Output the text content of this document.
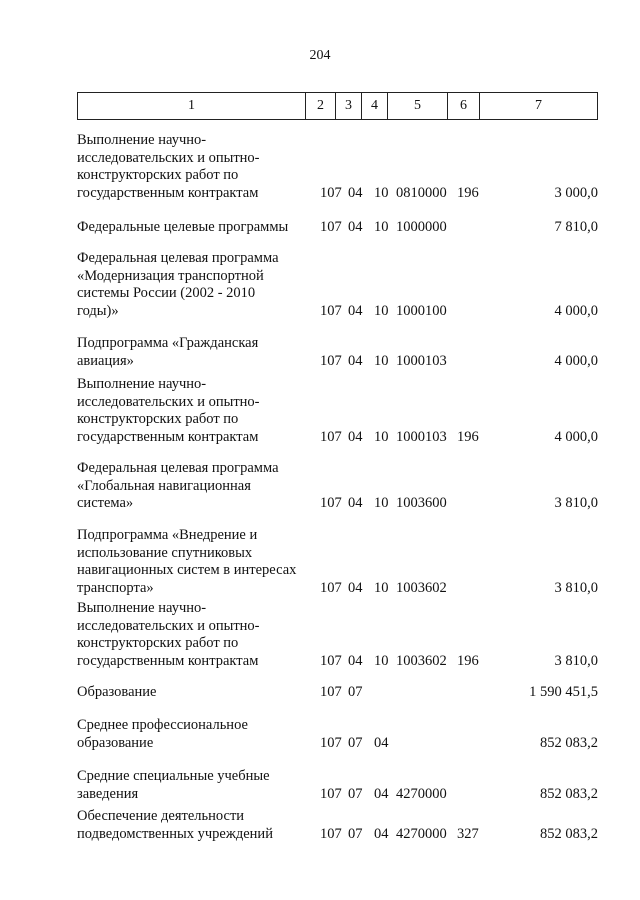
204
1	2	3	4	5	6	7
Выполнение научно-
исследовательских и опытно-
конструкторских работ по
государственным контрактам	107 04 10 0810000 196	3 000,0
Федеральные целевые программы	107 04 10 1000000	7 810,0
Федеральная целевая программа
«Модернизация транспортной
системы России (2002 - 2010
годы)»	107 04 10 1000100	4 000,0
Подпрограмма «Гражданская
авиация»	107 04 10 1000103	4 000,0
Выполнение научно-
исследовательских и опытно-
конструкторских работ по
государственным контрактам	107 04 10 1000103 196	4 000,0
Федеральная целевая программа
«Глобальная навигационная
система»	107 04 10 1003600	3 810,0
Подпрограмма «Внедрение и
использование спутниковых
навигационных систем в интересах
транспорта»	107 04 10 1003602	3 810,0
Выполнение научно-
исследовательских и опытно-
конструкторских работ по
государственным контрактам	107 04 10 1003602 196	3 810,0
Образование	107 07	1 590 451,5
Среднее профессиональное
образование	107 07 04	852 083,2
Средние специальные учебные
заведения	107 07 04 4270000	852 083,2
Обеспечение деятельности
подведомственных учреждений	107 07 04 4270000 327	852 083,2
